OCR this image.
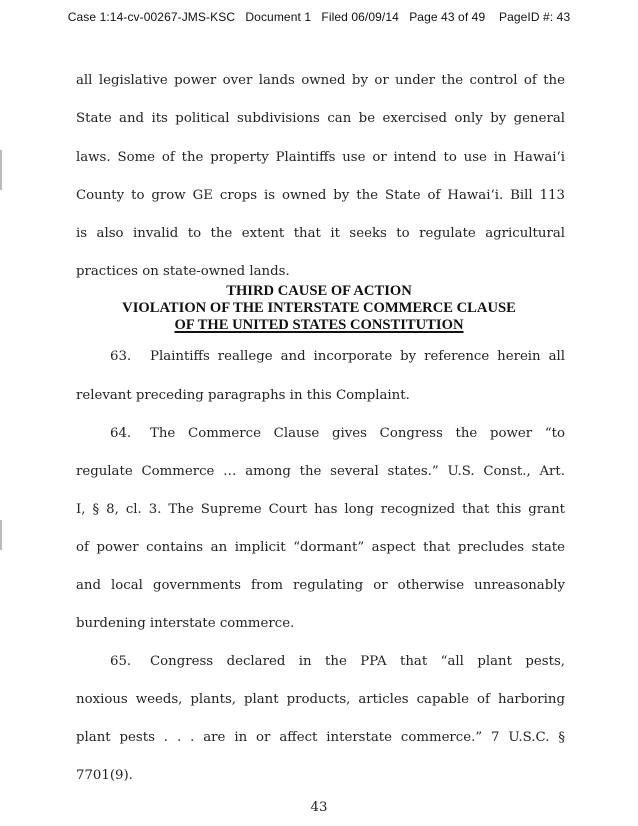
Case 1:14-cv-00267-JMS-KSC Document 1 Filed 06/09/14 Page 43 of 49 PageID #: 43
all legislative power over lands owned by or under the control of the
State and its political subdivisions can be exercised only by general
laws. Some of the property Plaintiffs use or intend to use in Hawai‘i
County to grow GE crops is owned by the State of Hawai‘i. Bill 113
is also invalid to the extent that it seeks to regulate agricultural
practices on state-owned lands.
THIRD CAUSE OF ACTION
VIOLATION OF THE INTERSTATE COMMERCE CLAUSE
OF THE UNITED STATES CONSTITUTION
63.	Plaintiffs reallege and incorporate by reference herein all
relevant preceding paragraphs in this Complaint.
64.	The Commerce Clause gives Congress the power “to
regulate Commerce … among the several states.” U.S. Const., Art.
I, § 8, cl. 3. The Supreme Court has long recognized that this grant
of power contains an implicit “dormant” aspect that precludes state
and local governments from regulating or otherwise unreasonably
burdening interstate commerce.
65.	Congress declared in the PPA that “all plant pests,
noxious weeds, plants, plant products, articles capable of harboring
plant pests . . . are in or affect interstate commerce.” 7 U.S.C. §
7701(9).
43
